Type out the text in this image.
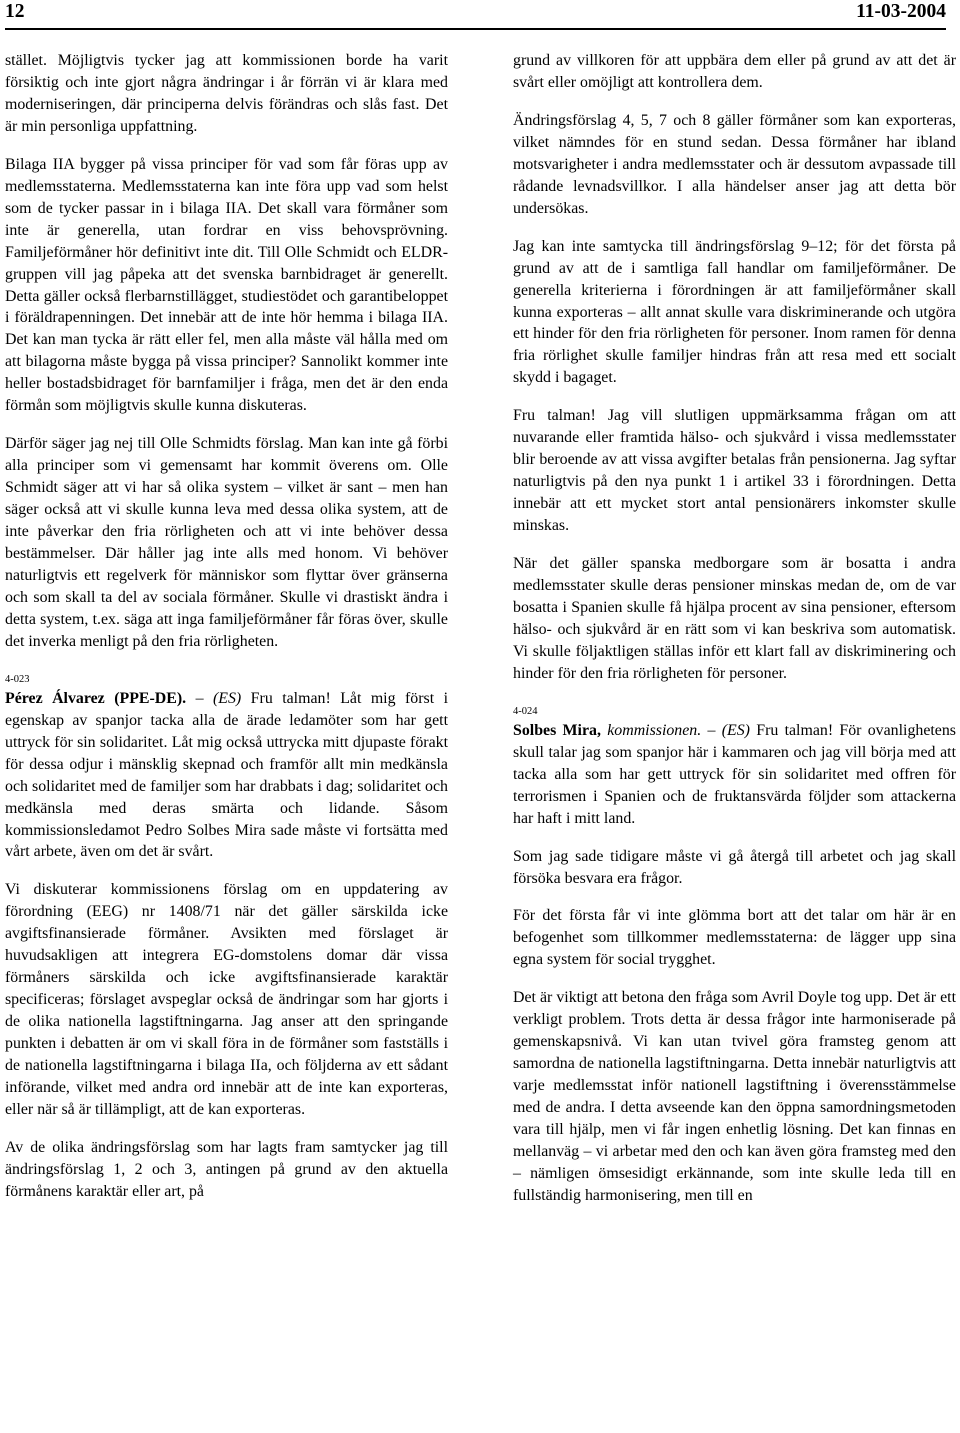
12	11-03-2004

stället. Möjligtvis tycker jag att kommissionen borde ha varit försiktig och inte gjort några ändringar i år förrän vi är klara med moderniseringen, där principerna delvis förändras och slås fast. Det är min personliga uppfattning.

Bilaga IIA bygger på vissa principer för vad som får föras upp av medlemsstaterna. Medlemsstaterna kan inte föra upp vad som helst som de tycker passar in i bilaga IIA. Det skall vara förmåner som inte är generella, utan fordrar en viss behovsprövning. Familjeförmåner hör definitivt inte dit. Till Olle Schmidt och ELDR-gruppen vill jag påpeka att det svenska barnbidraget är generellt. Detta gäller också flerbarnstillägget, studiestödet och garantibeloppet i föräldrapenningen. Det innebär att de inte hör hemma i bilaga IIA. Det kan man tycka är rätt eller fel, men alla måste väl hålla med om att bilagorna måste bygga på vissa principer? Sannolikt kommer inte heller bostadsbidraget för barnfamiljer i fråga, men det är den enda förmån som möjligtvis skulle kunna diskuteras.

Därför säger jag nej till Olle Schmidts förslag. Man kan inte gå förbi alla principer som vi gemensamt har kommit överens om. Olle Schmidt säger att vi har så olika system – vilket är sant – men han säger också att vi skulle kunna leva med dessa olika system, att de inte påverkar den fria rörligheten och att vi inte behöver dessa bestämmelser. Där håller jag inte alls med honom. Vi behöver naturligtvis ett regelverk för människor som flyttar över gränserna och som skall ta del av sociala förmåner. Skulle vi drastiskt ändra i detta system, t.ex. säga att inga familjeförmåner får föras över, skulle det inverka menligt på den fria rörligheten.

4-023

Pérez Álvarez (PPE-DE). – (ES) Fru talman! Låt mig först i egenskap av spanjor tacka alla de ärade ledamöter som har gett uttryck för sin solidaritet. Låt mig också uttrycka mitt djupaste förakt för dessa odjur i mänsklig skepnad och framför allt min medkänsla och solidaritet med de familjer som har drabbats i dag; solidaritet och medkänsla med deras smärta och lidande. Såsom kommissionsledamot Pedro Solbes Mira sade måste vi fortsätta med vårt arbete, även om det är svårt.

Vi diskuterar kommissionens förslag om en uppdatering av förordning (EEG) nr 1408/71 när det gäller särskilda icke avgiftsfinansierade förmåner. Avsikten med förslaget är huvudsakligen att integrera EG-domstolens domar där vissa förmåners särskilda och icke avgiftsfinansierade karaktär specificeras; förslaget avspeglar också de ändringar som har gjorts i de olika nationella lagstiftningarna. Jag anser att den springande punkten i debatten är om vi skall föra in de förmåner som fastställs i de nationella lagstiftningarna i bilaga IIa, och följderna av ett sådant införande, vilket med andra ord innebär att de inte kan exporteras, eller när så är tillämpligt, att de kan exporteras.

Av de olika ändringsförslag som har lagts fram samtycker jag till ändringsförslag 1, 2 och 3, antingen på grund av den aktuella förmånens karaktär eller art, på

grund av villkoren för att uppbära dem eller på grund av att det är svårt eller omöjligt att kontrollera dem.

Ändringsförslag 4, 5, 7 och 8 gäller förmåner som kan exporteras, vilket nämndes för en stund sedan. Dessa förmåner har ibland motsvarigheter i andra medlemsstater och är dessutom avpassade till rådande levnadsvillkor. I alla händelser anser jag att detta bör undersökas.

Jag kan inte samtycka till ändringsförslag 9–12; för det första på grund av att de i samtliga fall handlar om familjeförmåner. De generella kriterierna i förordningen är att familjeförmåner skall kunna exporteras – allt annat skulle vara diskriminerande och utgöra ett hinder för den fria rörligheten för personer. Inom ramen för denna fria rörlighet skulle familjer hindras från att resa med ett socialt skydd i bagaget.

Fru talman! Jag vill slutligen uppmärksamma frågan om att nuvarande eller framtida hälso- och sjukvård i vissa medlemsstater blir beroende av att vissa avgifter betalas från pensionerna. Jag syftar naturligtvis på den nya punkt 1 i artikel 33 i förordningen. Detta innebär att ett mycket stort antal pensionärers inkomster skulle minskas.

När det gäller spanska medborgare som är bosatta i andra medlemsstater skulle deras pensioner minskas medan de, om de var bosatta i Spanien skulle få hjälpa procent av sina pensioner, eftersom hälso- och sjukvård är en rätt som vi kan beskriva som automatisk. Vi skulle följaktligen ställas inför ett klart fall av diskriminering och hinder för den fria rörligheten för personer.

4-024

Solbes Mira, kommissionen. – (ES) Fru talman! För ovanlighetens skull talar jag som spanjor här i kammaren och jag vill börja med att tacka alla som har gett uttryck för sin solidaritet med offren för terrorismen i Spanien och de fruktansvärda följder som attackerna har haft i mitt land.

Som jag sade tidigare måste vi gå återgå till arbetet och jag skall försöka besvara era frågor.

För det första får vi inte glömma bort att det talar om här är en befogenhet som tillkommer medlemsstaterna: de lägger upp sina egna system för social trygghet.

Det är viktigt att betona den fråga som Avril Doyle tog upp. Det är ett verkligt problem. Trots detta är dessa frågor inte harmoniserade på gemenskapsnivå. Vi kan utan tvivel göra framsteg genom att samordna de nationella lagstiftningarna. Detta innebär naturligtvis att varje medlemsstat inför nationell lagstiftning i överensstämmelse med de andra. I detta avseende kan den öppna samordningsmetoden vara till hjälp, men vi får ingen enhetlig lösning. Det kan finnas en mellanväg – vi arbetar med den och kan även göra framsteg med den – nämligen ömsesidigt erkännande, som inte skulle leda till en fullständig harmonisering, men till en
